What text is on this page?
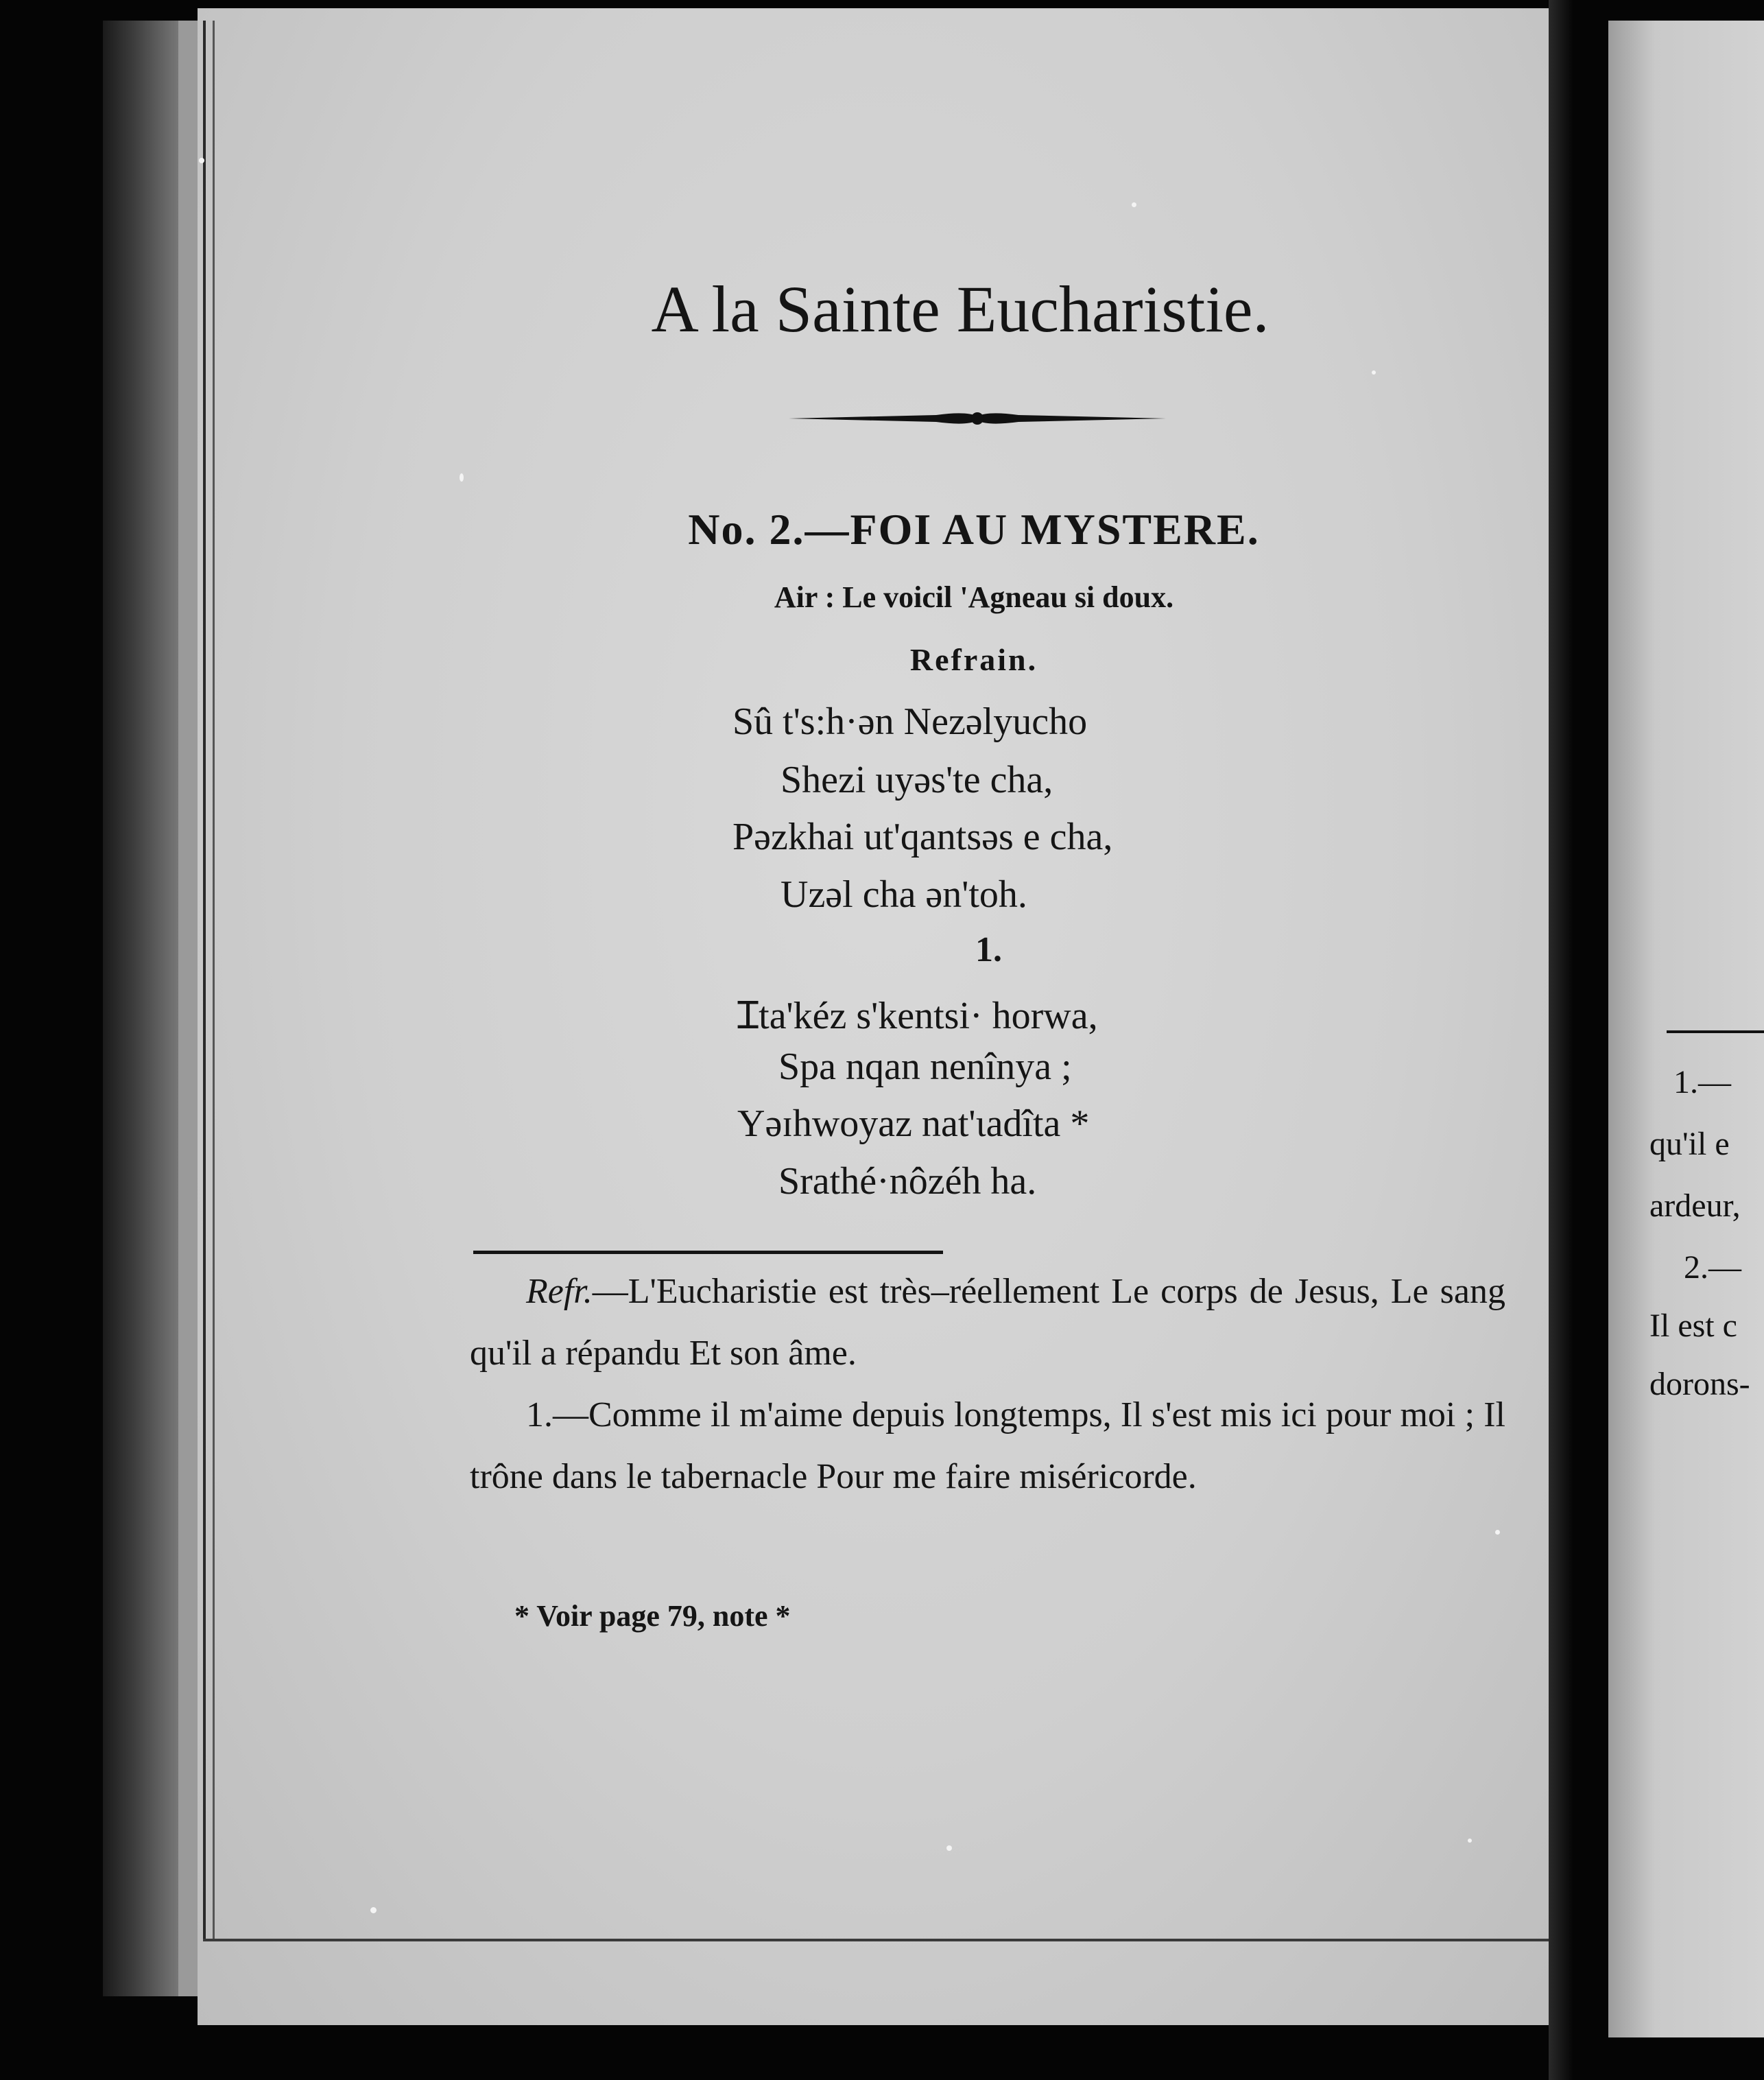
1.—
qu'il e
ardeur,
2.—
Il est c
dorons-
A la Sainte Eucharistie.
No. 2.—FOI AU MYSTERE.
Air : Le voicil 'Agneau si doux.
Refrain.
Sû t's:h·ən Nezəlyucho
Shezi uyəs'te cha,
Pəzkhai ut'qantsəs e cha,
Uzəl cha ən'toh.
1.
Ɪta'kéz s'kentsi· horwa,
Spa nqan nenînya ;
Yəɪhwoyaz nat'ɩadîta *
Srathé·nôzéh ha.

Refr.—L'Eucharistie est très–réellement Le corps de Jesus, Le sang qu'il a répandu Et son âme.

1.—Comme il m'aime depuis longtemps, Il s'est mis ici pour moi ; Il trône dans le tabernacle Pour me faire miséricorde.

* Voir page 79, note *
